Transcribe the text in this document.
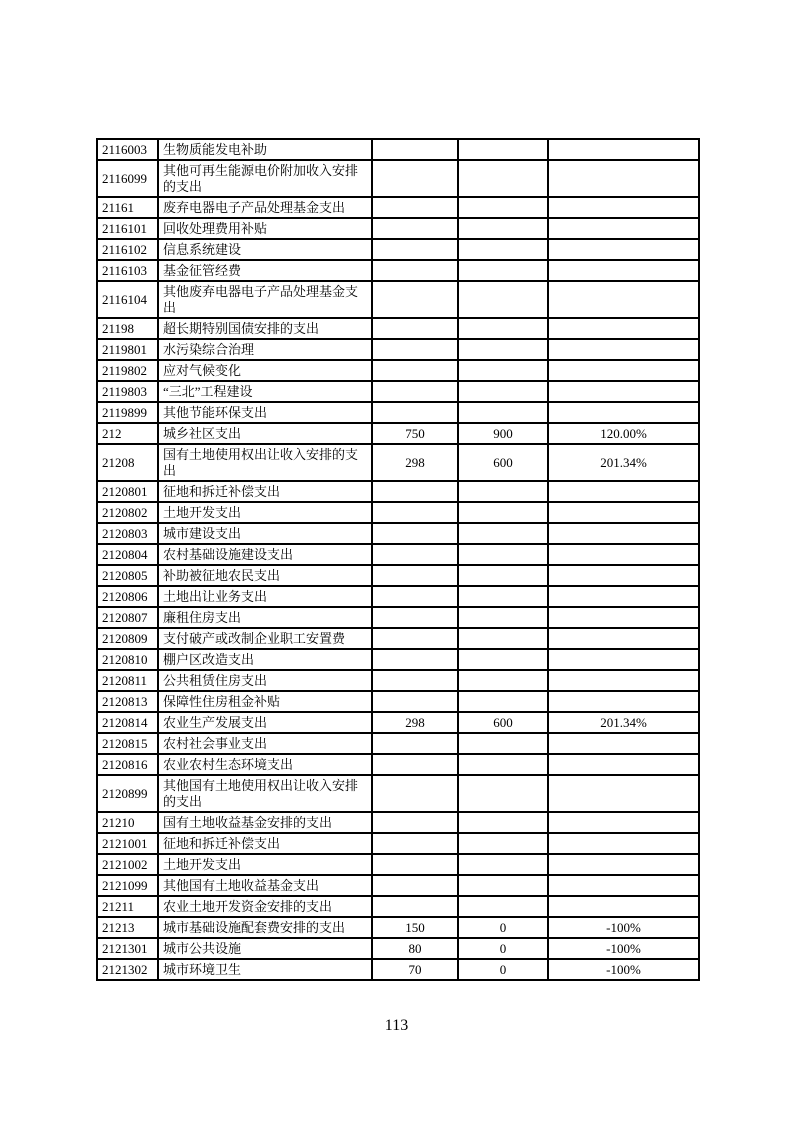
2116003	生物质能发电补助			
2116099	其他可再生能源电价附加收入安排的支出			
21161	废弃电器电子产品处理基金支出			
2116101	回收处理费用补贴			
2116102	信息系统建设			
2116103	基金征管经费			
2116104	其他废弃电器电子产品处理基金支出			
21198	超长期特别国债安排的支出			
2119801	水污染综合治理			
2119802	应对气候变化			
2119803	“三北”工程建设			
2119899	其他节能环保支出			
212	城乡社区支出	750	900	120.00%
21208	国有土地使用权出让收入安排的支出	298	600	201.34%
2120801	征地和拆迁补偿支出			
2120802	土地开发支出			
2120803	城市建设支出			
2120804	农村基础设施建设支出			
2120805	补助被征地农民支出			
2120806	土地出让业务支出			
2120807	廉租住房支出			
2120809	支付破产或改制企业职工安置费			
2120810	棚户区改造支出			
2120811	公共租赁住房支出			
2120813	保障性住房租金补贴			
2120814	农业生产发展支出	298	600	201.34%
2120815	农村社会事业支出			
2120816	农业农村生态环境支出			
2120899	其他国有土地使用权出让收入安排的支出			
21210	国有土地收益基金安排的支出			
2121001	征地和拆迁补偿支出			
2121002	土地开发支出			
2121099	其他国有土地收益基金支出			
21211	农业土地开发资金安排的支出			
21213	城市基础设施配套费安排的支出	150	0	-100%
2121301	城市公共设施	80	0	-100%
2121302	城市环境卫生	70	0	-100%
113
